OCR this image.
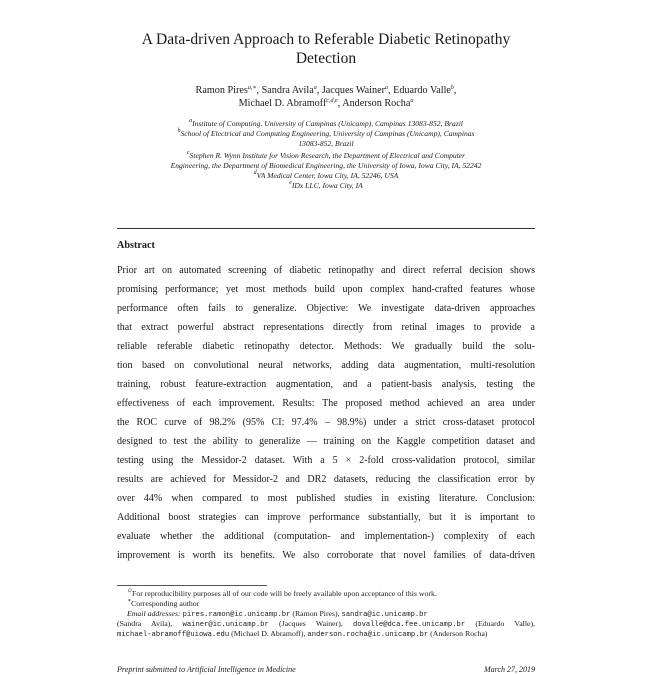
A Data-driven Approach to Referable Diabetic Retinopathy
Detection
Ramon Pires$^{a,∗}$, Sandra Avila$^a$, Jacques Wainer$^a$, Eduardo Valle$^b$,
Michael D. Abramoff$^{c,d,e}$, Anderson Rocha$^a$
$^a$Institute of Computing, University of Campinas (Unicamp), Campinas 13083-852, Brazil
$^b$School of Electrical and Computing Engineering, University of Campinas (Unicamp), Campinas
13083-852, Brazil
$^c$Stephen R. Wynn Institute for Vision Research, the Department of Electrical and Computer
Engineering, the Department of Biomedical Engineering, the University of Iowa, Iowa City, IA, 52242
$^d$VA Medical Center, Iowa City, IA, 52246, USA
$^e$IDx LLC, Iowa City, IA
Abstract
Prior art on automated screening of diabetic retinopathy and direct referral decision shows
promising performance; yet most methods build upon complex hand-crafted features whose
performance often fails to generalize. Objective: We investigate data-driven approaches
that extract powerful abstract representations directly from retinal images to provide a
reliable referable diabetic retinopathy detector. Methods: We gradually build the solu-
tion based on convolutional neural networks, adding data augmentation, multi-resolution
training, robust feature-extraction augmentation, and a patient-basis analysis, testing the
effectiveness of each improvement. Results: The proposed method achieved an area under
the ROC curve of 98.2% (95% CI: 97.4% – 98.9%) under a strict cross-dataset protocol
designed to test the ability to generalize — training on the Kaggle competition dataset and
testing using the Messidor-2 dataset. With a 5 × 2-fold cross-validation protocol, similar
results are achieved for Messidor-2 and DR2 datasets, reducing the classification error by
over 44% when compared to most published studies in existing literature. Conclusion:
Additional boost strategies can improve performance substantially, but it is important to
evaluate whether the additional (computation- and implementation-) complexity of each
improvement is worth its benefits. We also corroborate that novel families of data-driven
✩For reproducibility purposes all of our code will be freely available upon acceptance of this work.
∗Corresponding author
Email addresses: pires.ramon@ic.unicamp.br (Ramon Pires), sandra@ic.unicamp.br
(Sandra Avila), wainer@ic.unicamp.br (Jacques Wainer), dovalle@dca.fee.unicamp.br (Eduardo Valle),
michael-abramoff@uiowa.edu (Michael D. Abramoff), anderson.rocha@ic.unicamp.br (Anderson Rocha)
Preprint submitted to Artificial Intelligence in Medicine	March 27, 2019
